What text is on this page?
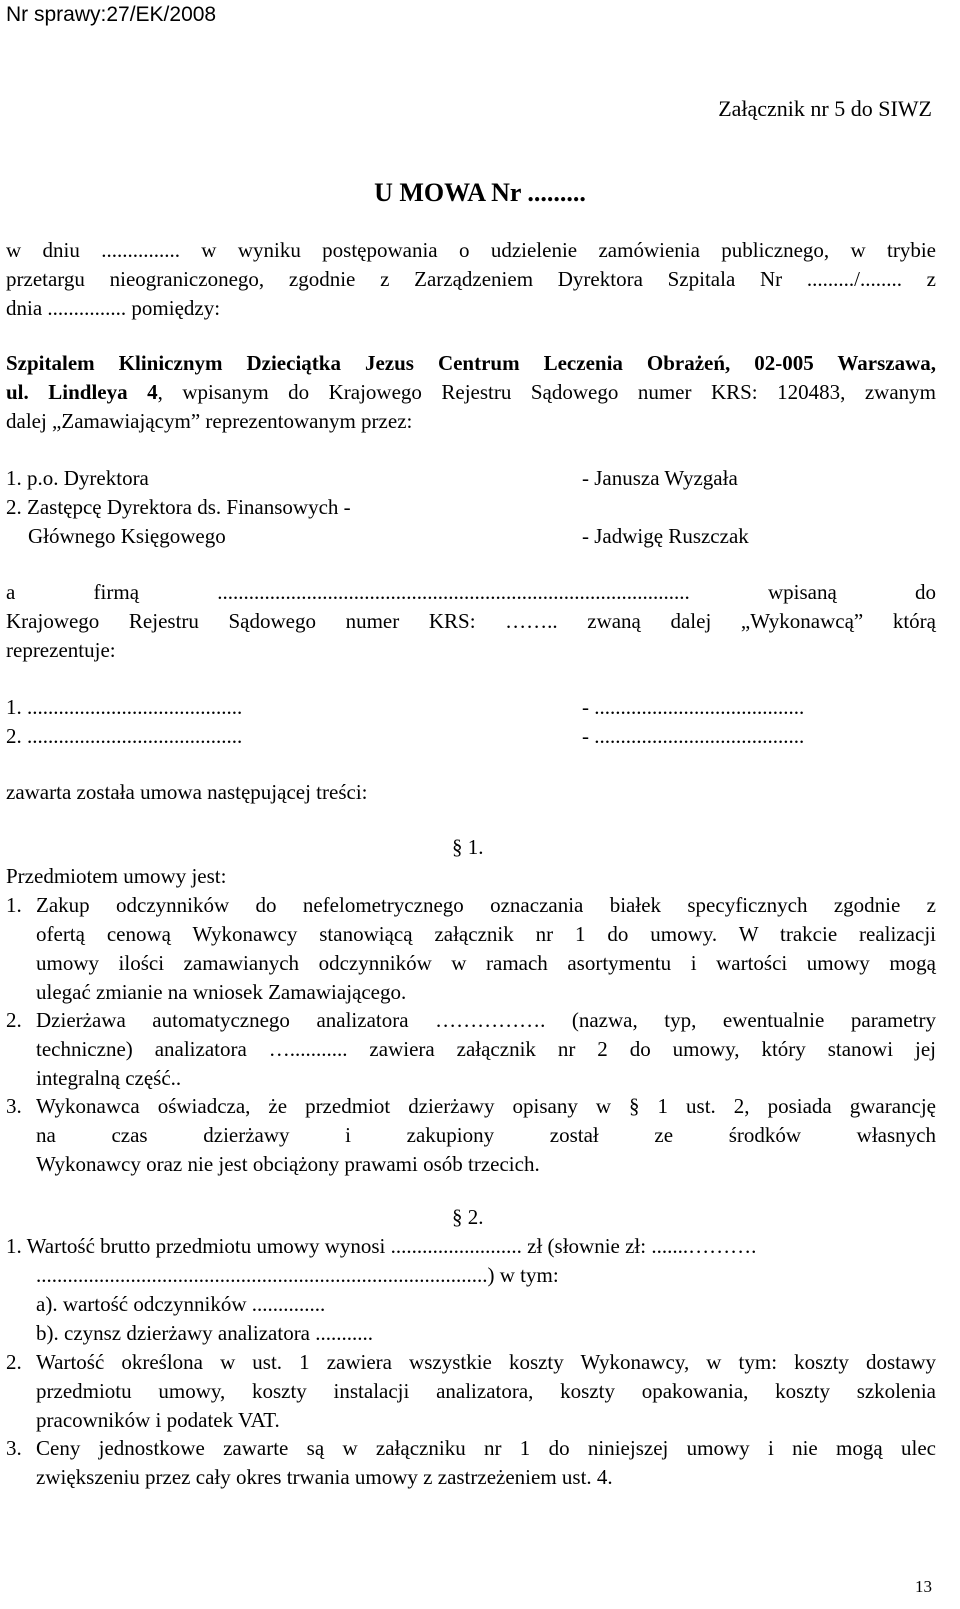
Nr sprawy:27/EK/2008
Załącznik nr 5 do SIWZ
U MOWA Nr .........
w dniu ............... w wyniku postępowania o udzielenie zamówienia publicznego, w trybie
przetargu nieograniczonego, zgodnie z Zarządzeniem Dyrektora Szpitala Nr ........./........ z
dnia ............... pomiędzy:
Szpitalem Klinicznym Dzieciątka Jezus Centrum Leczenia Obrażeń, 02-005 Warszawa,
ul. Lindleya 4, wpisanym do Krajowego Rejestru Sądowego numer KRS: 120483, zwanym
dalej „Zamawiającym” reprezentowanym przez:
1. p.o. Dyrektora	- Janusza Wyzgała
2. Zastępcę Dyrektora ds. Finansowych -
Głównego Księgowego	- Jadwigę Ruszczak
a firmą .......................................................................................... wpisaną do
Krajowego Rejestru Sądowego numer KRS: …….. zwaną dalej „Wykonawcą” którą
reprezentuje:
1. .........................................	- ........................................
2. .........................................	- ........................................
zawarta została umowa następującej treści:
§ 1.
Przedmiotem umowy jest:
1. Zakup odczynników do nefelometrycznego oznaczania białek specyficznych zgodnie z
ofertą cenową Wykonawcy stanowiącą załącznik nr 1 do umowy. W trakcie realizacji
umowy ilości zamawianych odczynników w ramach asortymentu i wartości umowy mogą
ulegać zmianie na wniosek Zamawiającego.
2. Dzierżawa automatycznego analizatora ……………. (nazwa, typ, ewentualnie parametry
techniczne) analizatora …........... zawiera załącznik nr 2 do umowy, który stanowi jej
integralną część..
3. Wykonawca oświadcza, że przedmiot dzierżawy opisany w § 1 ust. 2, posiada gwarancję
na czas dzierżawy i zakupiony został ze środków własnych
Wykonawcy oraz nie jest obciążony prawami osób trzecich.
§ 2.
1. Wartość brutto przedmiotu umowy wynosi ......................... zł (słownie zł: .......……….
......................................................................................) w tym:
a). wartość odczynników ..............
b). czynsz dzierżawy analizatora ...........
2. Wartość określona w ust. 1 zawiera wszystkie koszty Wykonawcy, w tym: koszty dostawy
przedmiotu umowy, koszty instalacji analizatora, koszty opakowania, koszty szkolenia
pracowników i podatek VAT.
3. Ceny jednostkowe zawarte są w załączniku nr 1 do niniejszej umowy i nie mogą ulec
zwiększeniu przez cały okres trwania umowy z zastrzeżeniem ust. 4.
13
